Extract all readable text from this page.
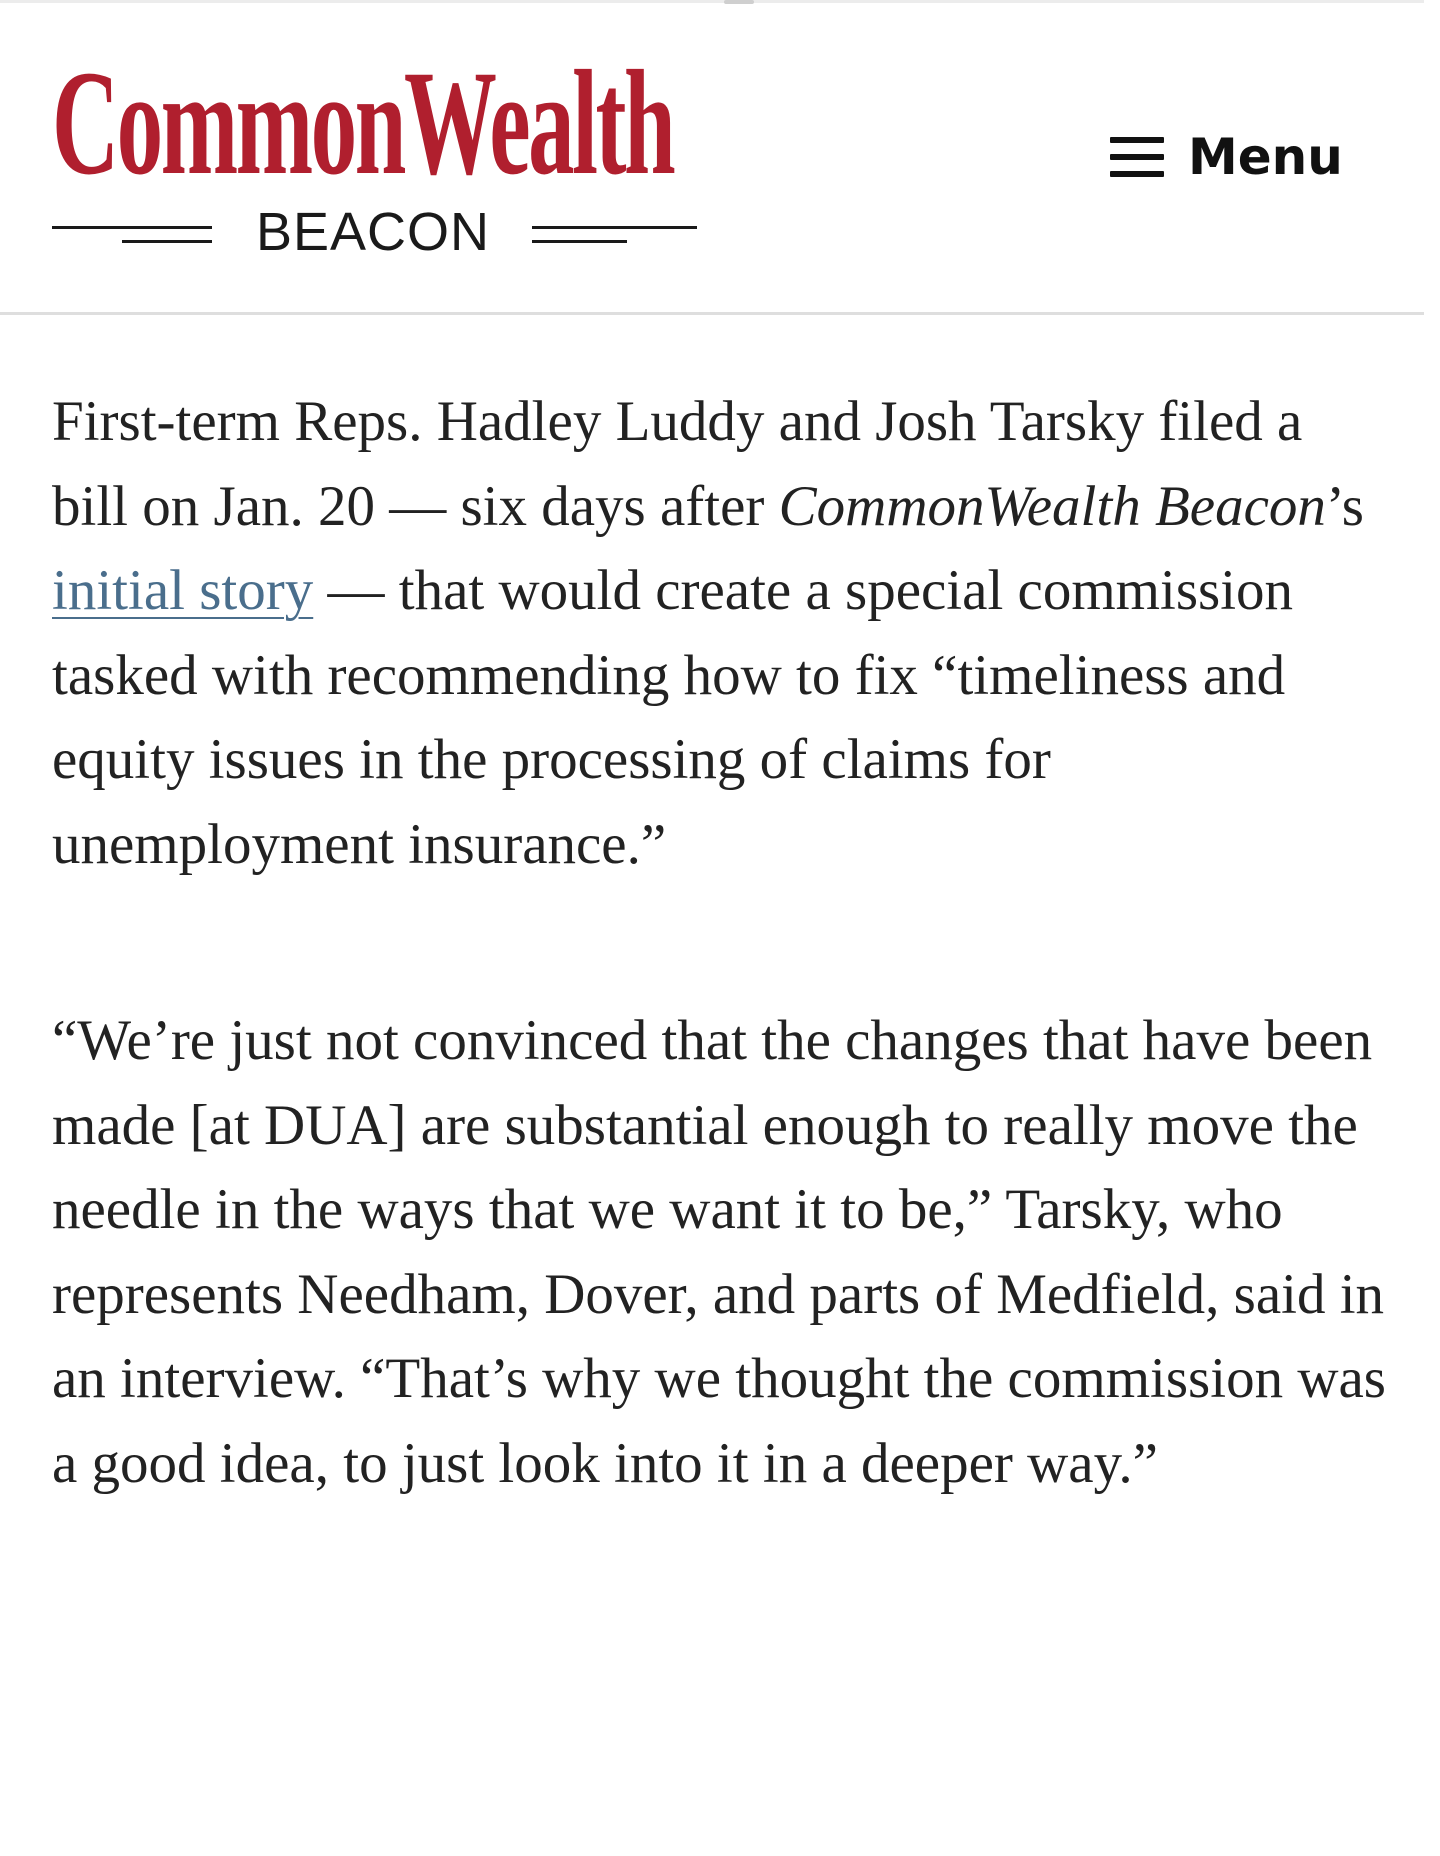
CommonWealth
BEACON
Menu

First-term Reps. Hadley Luddy and Josh Tarsky filed a bill on Jan. 20 — six days after CommonWealth Beacon’s initial story — that would create a special commission tasked with recommending how to fix “timeliness and equity issues in the processing of claims for unemployment insurance.”

“We’re just not convinced that the changes that have been made [at DUA] are substantial enough to really move the needle in the ways that we want it to be,” Tarsky, who represents Needham, Dover, and parts of Medfield, said in an interview. “That’s why we thought the commission was a good idea, to just look into it in a deeper way.”
